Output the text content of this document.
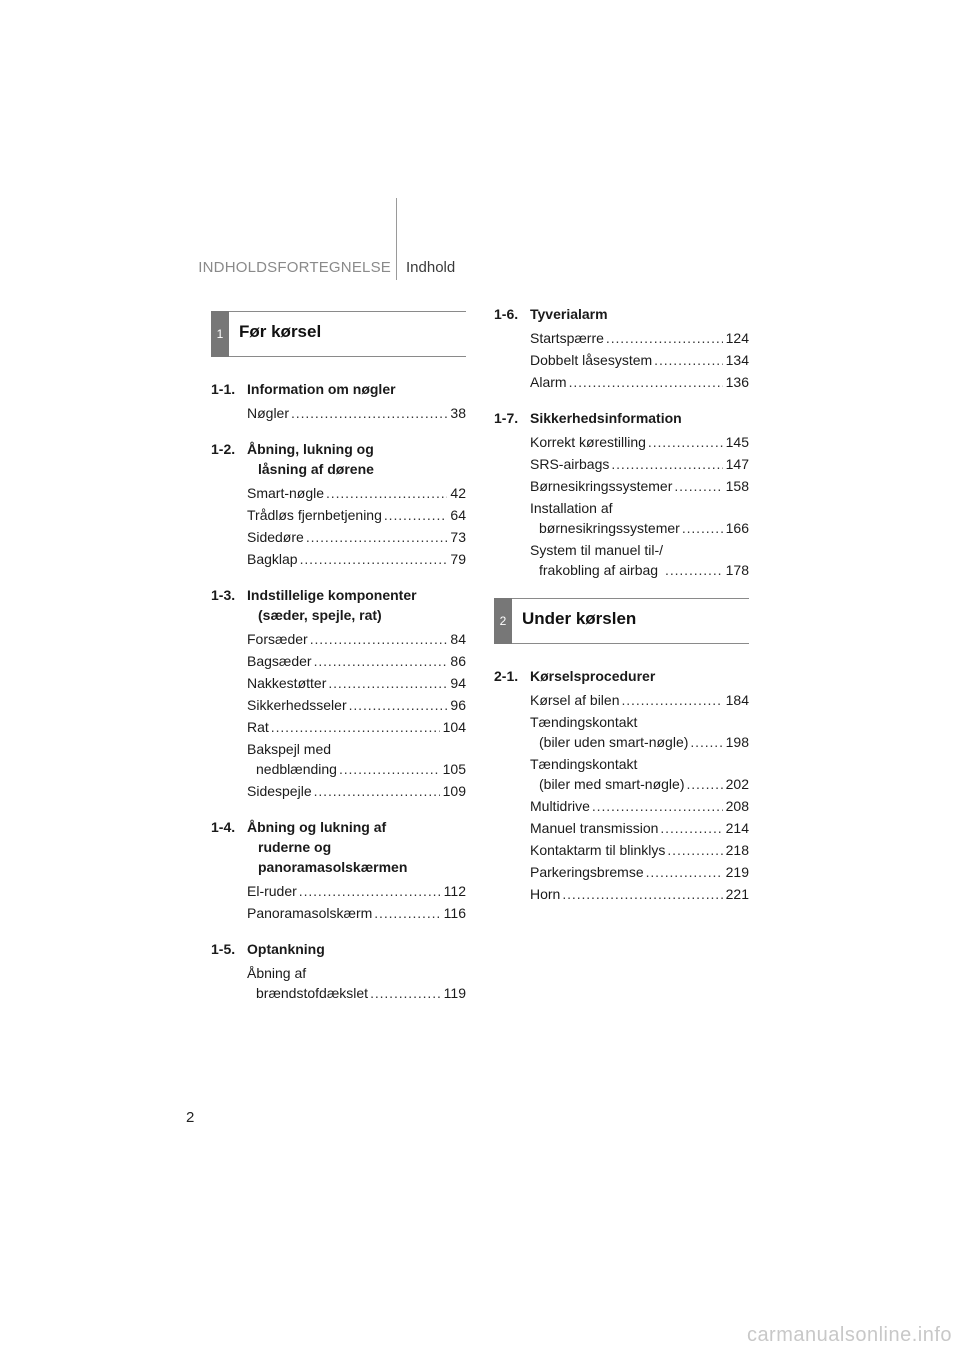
INDHOLDSFORTEGNELSE Indhold
1 Før kørsel
1-1. Information om nøgler
Nøgler . . .	38
1-2. Åbning, lukning og
låsning af dørene
Smart-nøgle . . .	42
Trådløs fjernbetjening . . .	64
Sidedøre . . .	73
Bagklap . . .	79
1-3. Indstillelige komponenter
(sæder, spejle, rat)
Forsæder . . .	84
Bagsæder . . .	86
Nakkestøtter . . .	94
Sikkerhedsseler . . .	96
Rat . . .	104
Bakspejl med
nedblænding . . .	105
Sidespejle . . .	109
1-4. Åbning og lukning af
ruderne og
panoramasolskærmen
El-ruder . . .	112
Panoramasolskærm . . .	116
1-5. Optankning
Åbning af
brændstofdækslet . . .	119
1-6. Tyverialarm
Startspærre . . .	124
Dobbelt låsesystem . . .	134
Alarm . . .	136
1-7. Sikkerhedsinformation
Korrekt kørestilling . . .	145
SRS-airbags . . .	147
Børnesikringssystemer . . .	158
Installation af
børnesikringssystemer . . .	166
System til manuel til-/
frakobling af airbag . . .	178
2 Under kørslen
2-1. Kørselsprocedurer
Kørsel af bilen . . .	184
Tændingskontakt
(biler uden smart-nøgle) . . .	198
Tændingskontakt
(biler med smart-nøgle) . . .	202
Multidrive . . .	208
Manuel transmission . . .	214
Kontaktarm til blinklys . . .	218
Parkeringsbremse . . .	219
Horn . . .	221
2
carmanualsonline.info
